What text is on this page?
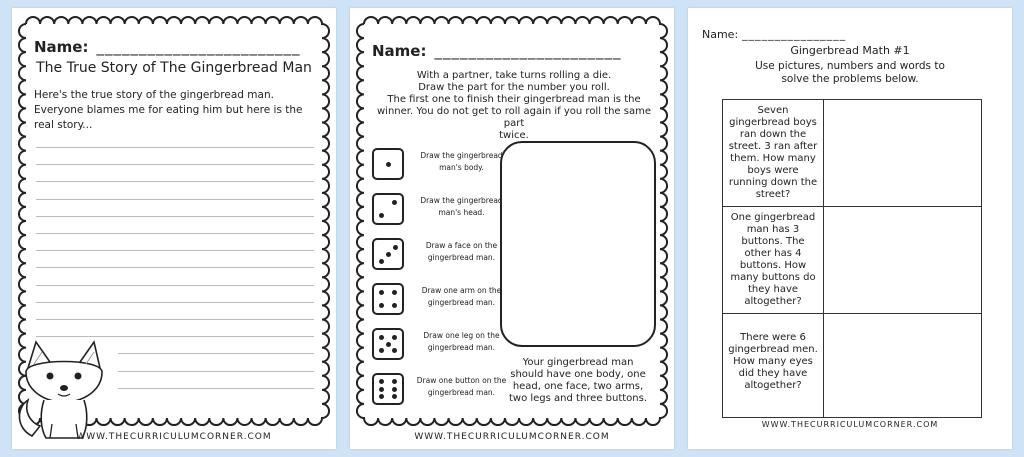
Name: ________________________
The True Story of The Gingerbread Man
Here's the true story of the gingerbread man. Everyone blames me for eating him but here is the real story...
WWW.THECURRICULUMCORNER.COM
Name: ______________________
With a partner, take turns rolling a die.
Draw the part for the number you roll.
The first one to finish their gingerbread man is the
winner. You do not get to roll again if you roll the same part
twice.
Draw the gingerbread man's body.
Draw the gingerbread man's head.
Draw a face on the gingerbread man.
Draw one arm on the gingerbread man.
Draw one leg on the gingerbread man.
Draw one button on the gingerbread man.
Your gingerbread man
should have one body, one
head, one face, two arms,
two legs and three buttons.
WWW.THECURRICULUMCORNER.COM
Name: ________________
Gingerbread Math #1
Use pictures, numbers and words to
solve the problems below.
Seven gingerbread boys ran down the street. 3 ran after them. How many boys were running down the street?	
One gingerbread man has 3 buttons. The other has 4 buttons. How many buttons do they have altogether?	
There were 6 gingerbread men. How many eyes did they have altogether?	
WWW.THECURRICULUMCORNER.COM
